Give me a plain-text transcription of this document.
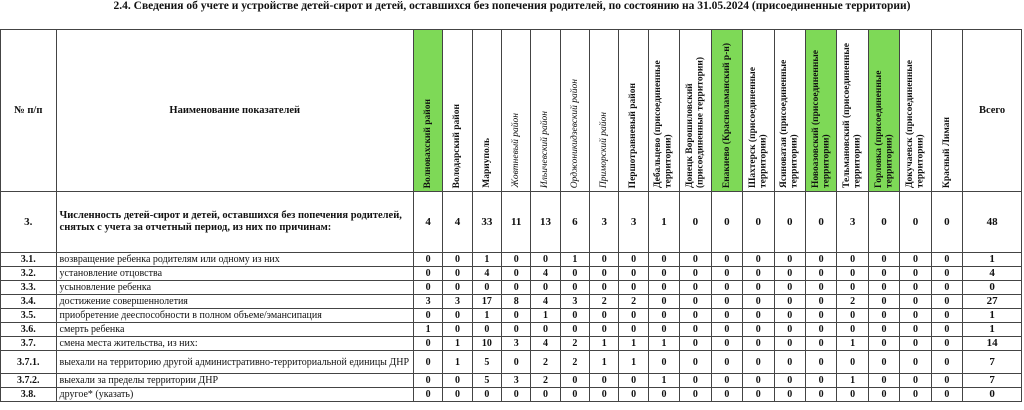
2.4. Сведения об учете и устройстве детей-сирот и детей, оставшихся без попечения родителей, по состоянию на 31.05.2024 (присоединенные территории)
№ п/п	Наименование показателей	Волновахский район	Володарский район	Мариуполь	Жовтневый район	Ильичевский район	Орджоникидзевский район	Приморский район	Першотравневый район	Дебальцево (присоединенные территории)	Донецк Ворошиловский (присоединенные территории)	Енакиево (Красноламанский р-н)	Шахтерск (присоединенные территории)	Ясиноватая (присоединенные территории)	Новоазовский (присоединенные территории)	Тельмановский (присоединенные территории)	Горловка (присоединенные территории)	Докучаевск (присоединенные территории)	Красный Лиман	Всего
3.	Численность детей-сирот и детей, оставшихся без попечения родителей, снятых с учета за отчетный период, из них по причинам:	4	4	33	11	13	6	3	3	1	0	0	0	0	0	3	0	0	0	48
3.1.	возвращение ребенка родителям или одному из них	0	0	1	0	0	1	0	0	0	0	0	0	0	0	0	0	0	0	1
3.2.	установление отцовства	0	0	4	0	4	0	0	0	0	0	0	0	0	0	0	0	0	0	4
3.3.	усыновление ребенка	0	0	0	0	0	0	0	0	0	0	0	0	0	0	0	0	0	0	0
3.4.	достижение совершеннолетия	3	3	17	8	4	3	2	2	0	0	0	0	0	0	2	0	0	0	27
3.5.	приобретение дееспособности в полном объеме/эмансипация	0	0	1	0	1	0	0	0	0	0	0	0	0	0	0	0	0	0	1
3.6.	смерть ребенка	1	0	0	0	0	0	0	0	0	0	0	0	0	0	0	0	0	0	1
3.7.	смена места жительства, из них:	0	1	10	3	4	2	1	1	1	0	0	0	0	0	1	0	0	0	14
3.7.1.	выехали на территорию другой административно-территориальной единицы ДНР	0	1	5	0	2	2	1	1	0	0	0	0	0	0	0	0	0	0	7
3.7.2.	выехали за пределы территории ДНР	0	0	5	3	2	0	0	0	1	0	0	0	0	0	1	0	0	0	7
3.8.	другое* (указать)	0	0	0	0	0	0	0	0	0	0	0	0	0	0	0	0	0	0	0
